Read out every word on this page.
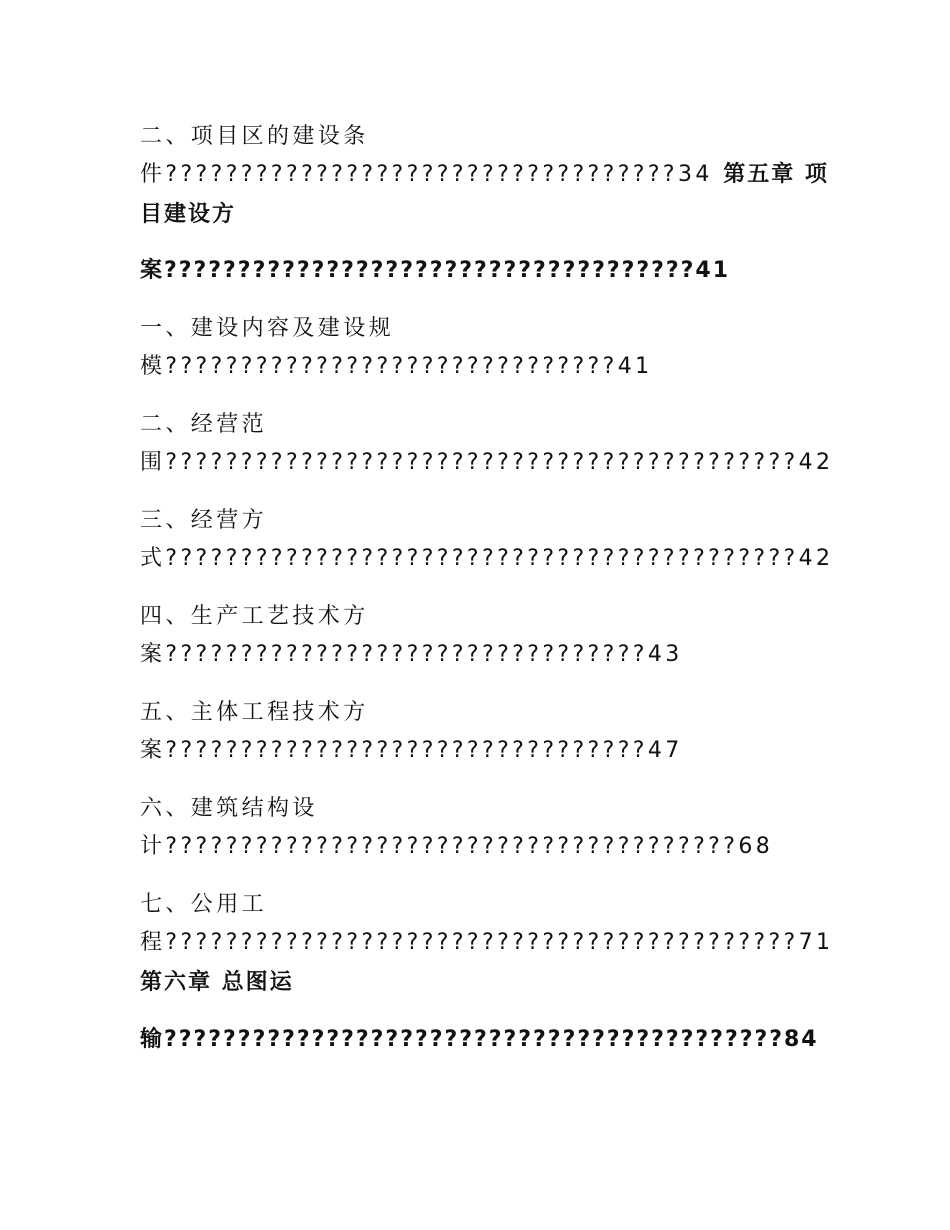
二、项目区的建设条
件??????????????????????????????????34 第五章 项
目建设方
案????????????????????????????????????41
一、建设内容及建设规
模??????????????????????????????41
二、经营范
围??????????????????????????????????????????42
三、经营方
式??????????????????????????????????????????42
四、生产工艺技术方
案????????????????????????????????43
五、主体工程技术方
案????????????????????????????????47
六、建筑结构设
计??????????????????????????????????????68
七、公用工
程??????????????????????????????????????????71
第六章 总图运
输??????????????????????????????????????????84
